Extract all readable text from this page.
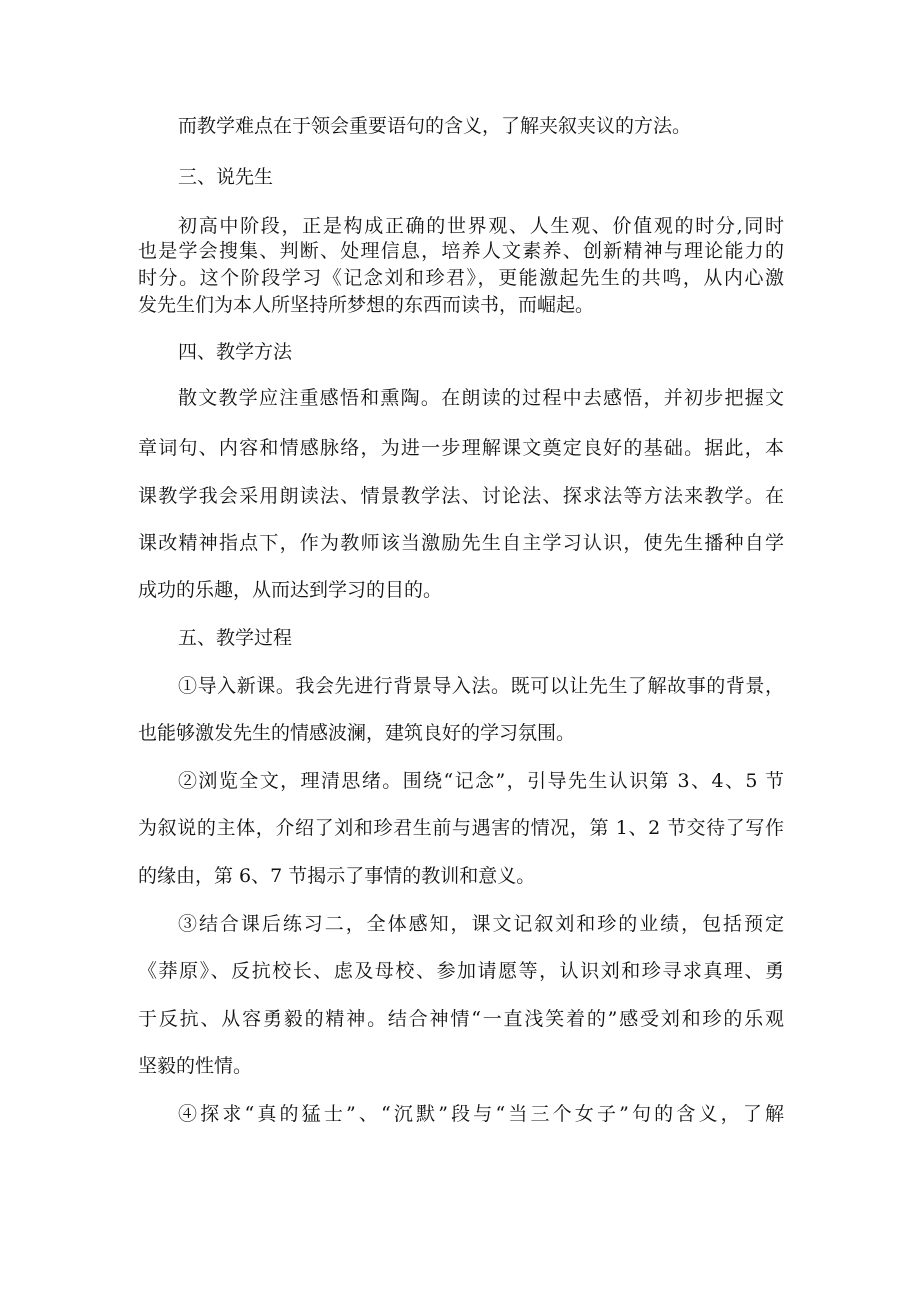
而教学难点在于领会重要语句的含义，了解夹叙夹议的方法。
三、说先生
初高中阶段，正是构成正确的世界观、人生观、价值观的时分,同时
也是学会搜集、判断、处理信息，培养人文素养、创新精神与理论能力的
时分。这个阶段学习《记念刘和珍君》，更能激起先生的共鸣，从内心激
发先生们为本人所坚持所梦想的东西而读书，而崛起。
四、教学方法
散文教学应注重感悟和熏陶。在朗读的过程中去感悟，并初步把握文
章词句、内容和情感脉络，为进一步理解课文奠定良好的基础。据此，本
课教学我会采用朗读法、情景教学法、讨论法、探求法等方法来教学。在
课改精神指点下，作为教师该当激励先生自主学习认识，使先生播种自学
成功的乐趣，从而达到学习的目的。
五、教学过程
①导入新课。我会先进行背景导入法。既可以让先生了解故事的背景，
也能够激发先生的情感波澜，建筑良好的学习氛围。
②浏览全文，理清思绪。围绕“记念”，引导先生认识第 3、4、5 节
为叙说的主体，介绍了刘和珍君生前与遇害的情况，第 1、2 节交待了写作
的缘由，第 6、7 节揭示了事情的教训和意义。
③结合课后练习二，全体感知，课文记叙刘和珍的业绩，包括预定
《莽原》、反抗校长、虑及母校、参加请愿等，认识刘和珍寻求真理、勇
于反抗、从容勇毅的精神。结合神情“一直浅笑着的”感受刘和珍的乐观
坚毅的性情。
④探求“真的猛士”、“沉默”段与“当三个女子”句的含义，了解
